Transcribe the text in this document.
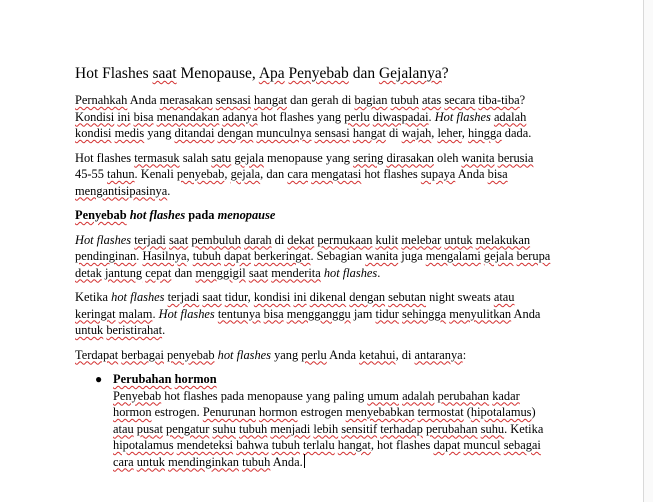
Hot Flashes saat Menopause, Apa Penyebab dan Gejalanya?

Pernahkah Anda merasakan sensasi hangat dan gerah di bagian tubuh atas secara tiba-tiba? Kondisi ini bisa menandakan adanya hot flashes yang perlu diwaspadai. Hot flashes adalah kondisi medis yang ditandai dengan munculnya sensasi hangat di wajah, leher, hingga dada.

Hot flashes termasuk salah satu gejala menopause yang sering dirasakan oleh wanita berusia 45-55 tahun. Kenali penyebab, gejala, dan cara mengatasi hot flashes supaya Anda bisa mengantisipasinya.

Penyebab hot flashes pada menopause

Hot flashes terjadi saat pembuluh darah di dekat permukaan kulit melebar untuk melakukan pendinginan. Hasilnya, tubuh dapat berkeringat. Sebagian wanita juga mengalami gejala berupa detak jantung cepat dan menggigil saat menderita hot flashes.

Ketika hot flashes terjadi saat tidur, kondisi ini dikenal dengan sebutan night sweats atau keringat malam. Hot flashes tentunya bisa mengganggu jam tidur sehingga menyulitkan Anda untuk beristirahat.

Terdapat berbagai penyebab hot flashes yang perlu Anda ketahui, di antaranya:

● Perubahan hormon
Penyebab hot flashes pada menopause yang paling umum adalah perubahan kadar hormon estrogen. Penurunan hormon estrogen menyebabkan termostat (hipotalamus) atau pusat pengatur suhu tubuh menjadi lebih sensitif terhadap perubahan suhu. Ketika hipotalamus mendeteksi bahwa tubuh terlalu hangat, hot flashes dapat muncul sebagai cara untuk mendinginkan tubuh Anda.
